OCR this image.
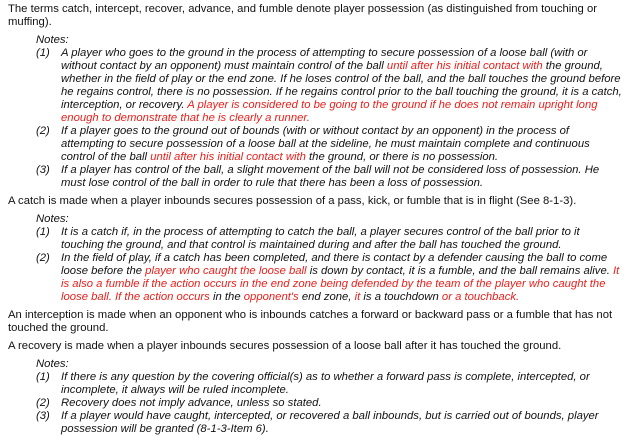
The terms catch, intercept, recover, advance, and fumble denote player possession (as distinguished from touching or muffing).

Notes:
(1) A player who goes to the ground in the process of attempting to secure possession of a loose ball (with or without contact by an opponent) must maintain control of the ball until after his initial contact with the ground, whether in the field of play or the end zone. If he loses control of the ball, and the ball touches the ground before he regains control, there is no possession. If he regains control prior to the ball touching the ground, it is a catch, interception, or recovery. A player is considered to be going to the ground if he does not remain upright long enough to demonstrate that he is clearly a runner.
(2) If a player goes to the ground out of bounds (with or without contact by an opponent) in the process of attempting to secure possession of a loose ball at the sideline, he must maintain complete and continuous control of the ball until after his initial contact with the ground, or there is no possession.
(3) If a player has control of the ball, a slight movement of the ball will not be considered loss of possession. He must lose control of the ball in order to rule that there has been a loss of possession.

A catch is made when a player inbounds secures possession of a pass, kick, or fumble that is in flight (See 8-1-3).

Notes:
(1) It is a catch if, in the process of attempting to catch the ball, a player secures control of the ball prior to it touching the ground, and that control is maintained during and after the ball has touched the ground.
(2) In the field of play, if a catch has been completed, and there is contact by a defender causing the ball to come loose before the player who caught the loose ball is down by contact, it is a fumble, and the ball remains alive. It is also a fumble if the action occurs in the end zone being defended by the team of the player who caught the loose ball. If the action occurs in the opponent's end zone, it is a touchdown or a touchback.

An interception is made when an opponent who is inbounds catches a forward or backward pass or a fumble that has not touched the ground.

A recovery is made when a player inbounds secures possession of a loose ball after it has touched the ground.

Notes:
(1) If there is any question by the covering official(s) as to whether a forward pass is complete, intercepted, or incomplete, it always will be ruled incomplete.
(2) Recovery does not imply advance, unless so stated.
(3) If a player would have caught, intercepted, or recovered a ball inbounds, but is carried out of bounds, player possession will be granted (8-1-3-Item 6).
